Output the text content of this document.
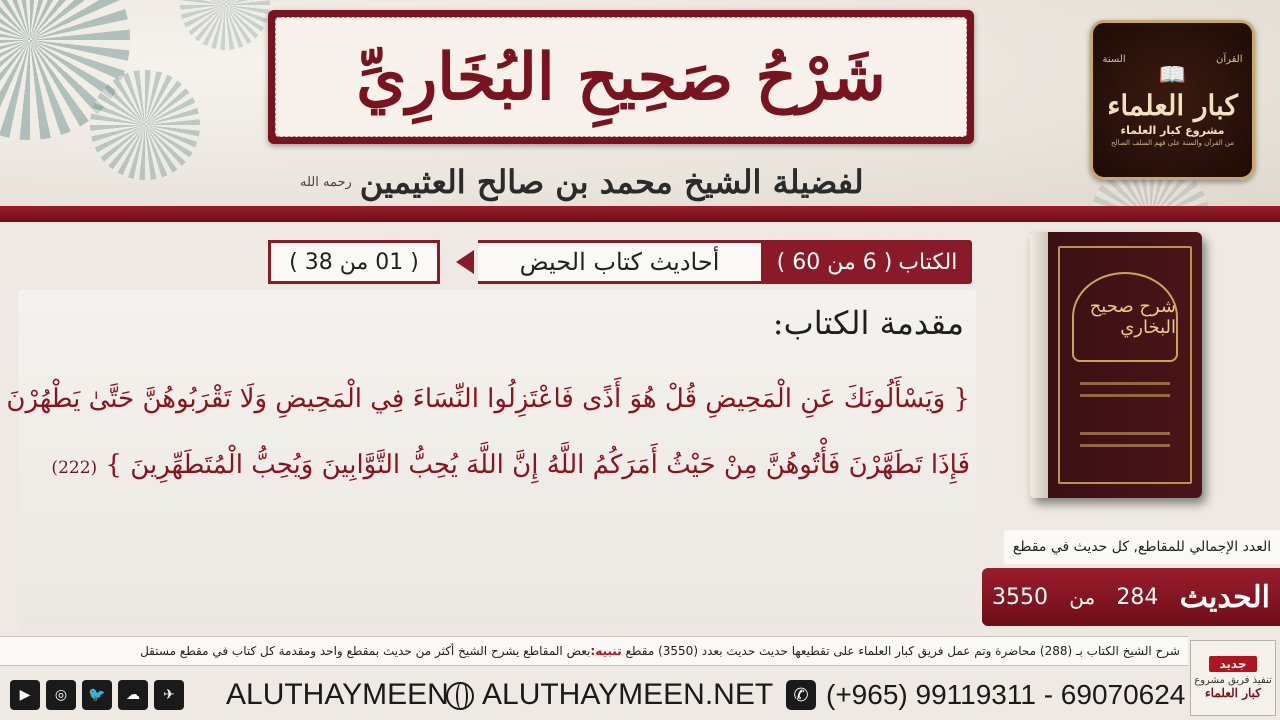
شَرْحُ صَحِيحِ البُخَارِيِّ
لفضيلة الشيخ محمد بن صالح العثيمين
رحمه الله
القرآن
السنة
📖
كبار العلماء
مشروع كبار العلماء
من القرآن والسنة على فهم السلف الصالح
الكتاب
( 6 من 60 )
أحاديث كتاب الحيض
( 01 من 38 )
مقدمة الكتاب:
{ وَيَسْأَلُونَكَ عَنِ الْمَحِيضِ قُلْ هُوَ أَذًى فَاعْتَزِلُوا النِّسَاءَ فِي الْمَحِيضِ وَلَا تَقْرَبُوهُنَّ حَتَّىٰ يَطْهُرْنَ
فَإِذَا تَطَهَّرْنَ فَأْتُوهُنَّ مِنْ حَيْثُ أَمَرَكُمُ اللَّهُ إِنَّ اللَّهَ يُحِبُّ التَّوَّابِينَ وَيُحِبُّ الْمُتَطَهِّرِينَ } (222)
شرح صحيح البخاري
العدد الإجمالي للمقاطع, كل حديث في مقطع
الحديث
284
من
3550
شرح الشيخ الكتاب بـ (288) محاضرة وتم عمل فريق كبار العلماء على تقطيعها حديث حديث بعدد (3550) مقطع تنبيه:بعض المقاطع يشرح الشيخ أكثر من حديث بمقطع واحد ومقدمة كل كتاب في مقطع مستقل
جديد
تنفيذ فريق مشروع
كبار العلماء
▶	◎	🐦	☁	✈	ALUTHAYMEEN ALUTHAYMEEN.NET	✆ (+965) 99119311 - 69070624
